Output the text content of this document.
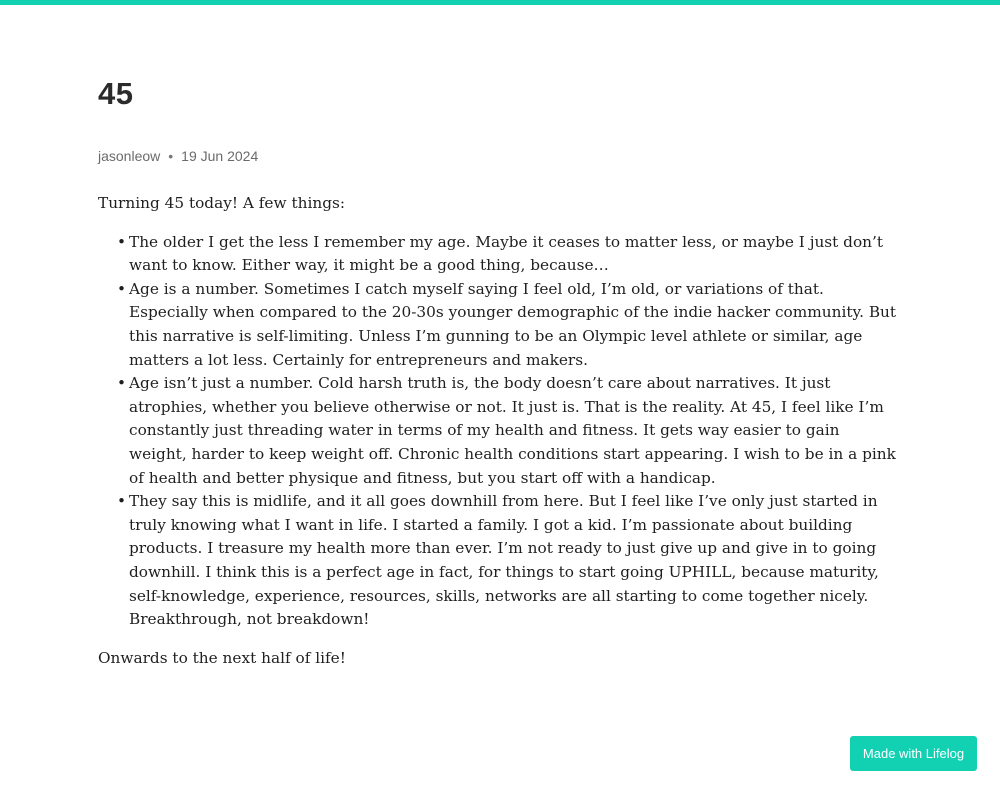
45
jasonleow • 19 Jun 2024

Turning 45 today! A few things:

• The older I get the less I remember my age. Maybe it ceases to matter less, or maybe I just don’t want to know. Either way, it might be a good thing, because…
• Age is a number. Sometimes I catch myself saying I feel old, I’m old, or variations of that. Especially when compared to the 20-30s younger demographic of the indie hacker community. But this narrative is self-limiting. Unless I’m gunning to be an Olympic level athlete or similar, age matters a lot less. Certainly for entrepreneurs and makers.
• Age isn’t just a number. Cold harsh truth is, the body doesn’t care about narratives. It just atrophies, whether you believe otherwise or not. It just is. That is the reality. At 45, I feel like I’m constantly just threading water in terms of my health and fitness. It gets way easier to gain weight, harder to keep weight off. Chronic health conditions start appearing. I wish to be in a pink of health and better physique and fitness, but you start off with a handicap.
• They say this is midlife, and it all goes downhill from here. But I feel like I’ve only just started in truly knowing what I want in life. I started a family. I got a kid. I’m passionate about building products. I treasure my health more than ever. I’m not ready to just give up and give in to going downhill. I think this is a perfect age in fact, for things to start going UPHILL, because maturity, self-knowledge, experience, resources, skills, networks are all starting to come together nicely. Breakthrough, not breakdown!

Onwards to the next half of life!

Made with Lifelog
